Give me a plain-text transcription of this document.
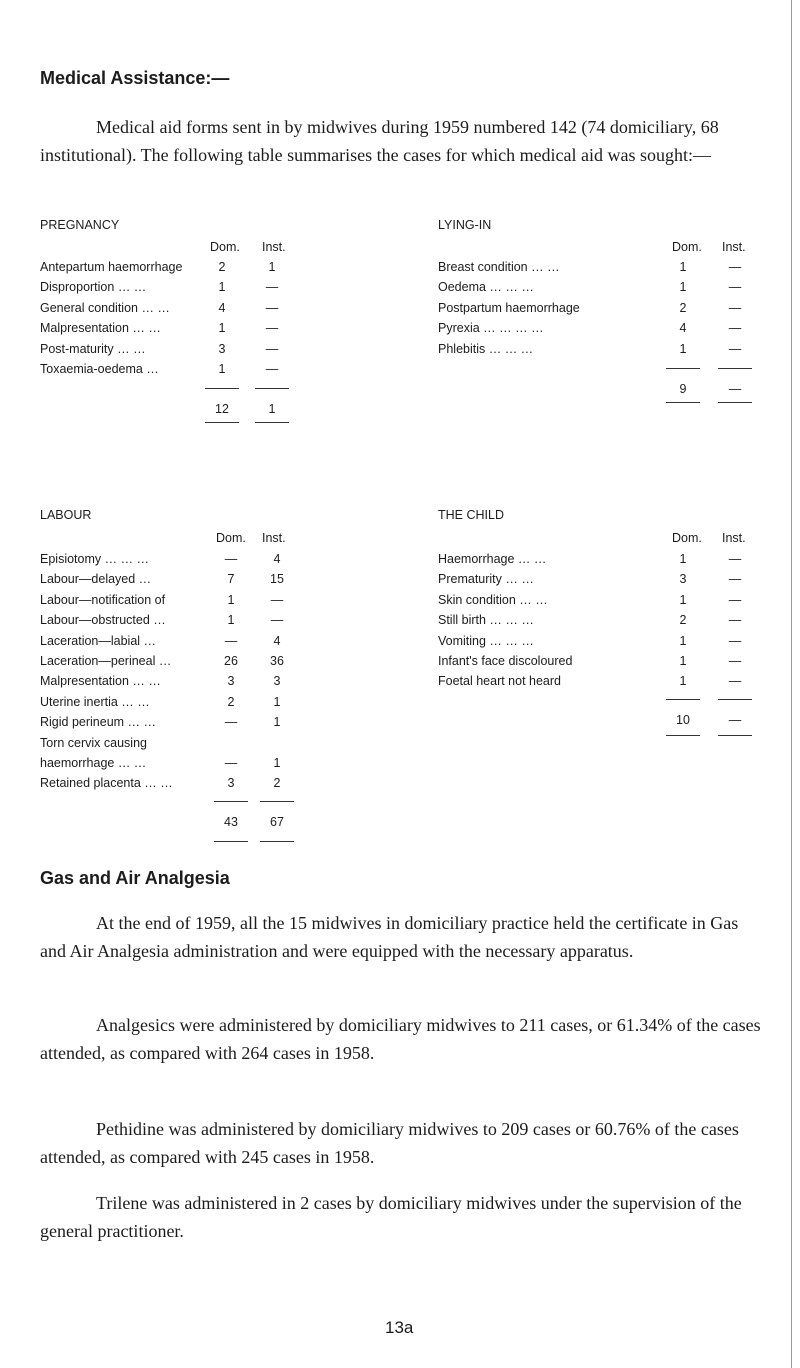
Medical Assistance:—

Medical aid forms sent in by midwives during 1959 numbered 142 (74 domiciliary, 68 institutional). The following table summarises the cases for which medical aid was sought:—

PREGNANCY
Dom. Inst.
Antepartum haemorrhage	2	1
Disproportion … …	1	—
General condition … …	4	—
Malpresentation … …	1	—
Post-maturity … …	3	—
Toxaemia-oedema …	1	—
12	1
LYING-IN
Dom. Inst.
Breast condition … …	1	—
Oedema … … …	1	—
Postpartum haemorrhage	2	—
Pyrexia … … … …	4	—
Phlebitis … … …	1	—
9	—
LABOUR
Dom. Inst.
Episiotomy … … …	—	4
Labour—delayed …	7	15
Labour—notification of	1	—
Labour—obstructed …	1	—
Laceration—labial …	—	4
Laceration—perineal …	26	36
Malpresentation … …	3	3
Uterine inertia … …	2	1
Rigid perineum … …	—	1
Torn cervix causing
haemorrhage … …	—	1
Retained placenta … …	3	2
43	67
THE CHILD
Dom. Inst.
Haemorrhage … …	1	—
Prematurity … …	3	—
Skin condition … …	1	—
Still birth … … …	2	—
Vomiting … … …	1	—
Infant's face discoloured	1	—
Foetal heart not heard	1	—
10	—
Gas and Air Analgesia

At the end of 1959, all the 15 midwives in domiciliary practice held the certificate in Gas and Air Analgesia administration and were equipped with the necessary apparatus.

Analgesics were administered by domiciliary midwives to 211 cases, or 61.34% of the cases attended, as compared with 264 cases in 1958.

Pethidine was administered by domiciliary midwives to 209 cases or 60.76% of the cases attended, as compared with 245 cases in 1958.

Trilene was administered in 2 cases by domiciliary midwives under the supervision of the general practitioner.

13a
